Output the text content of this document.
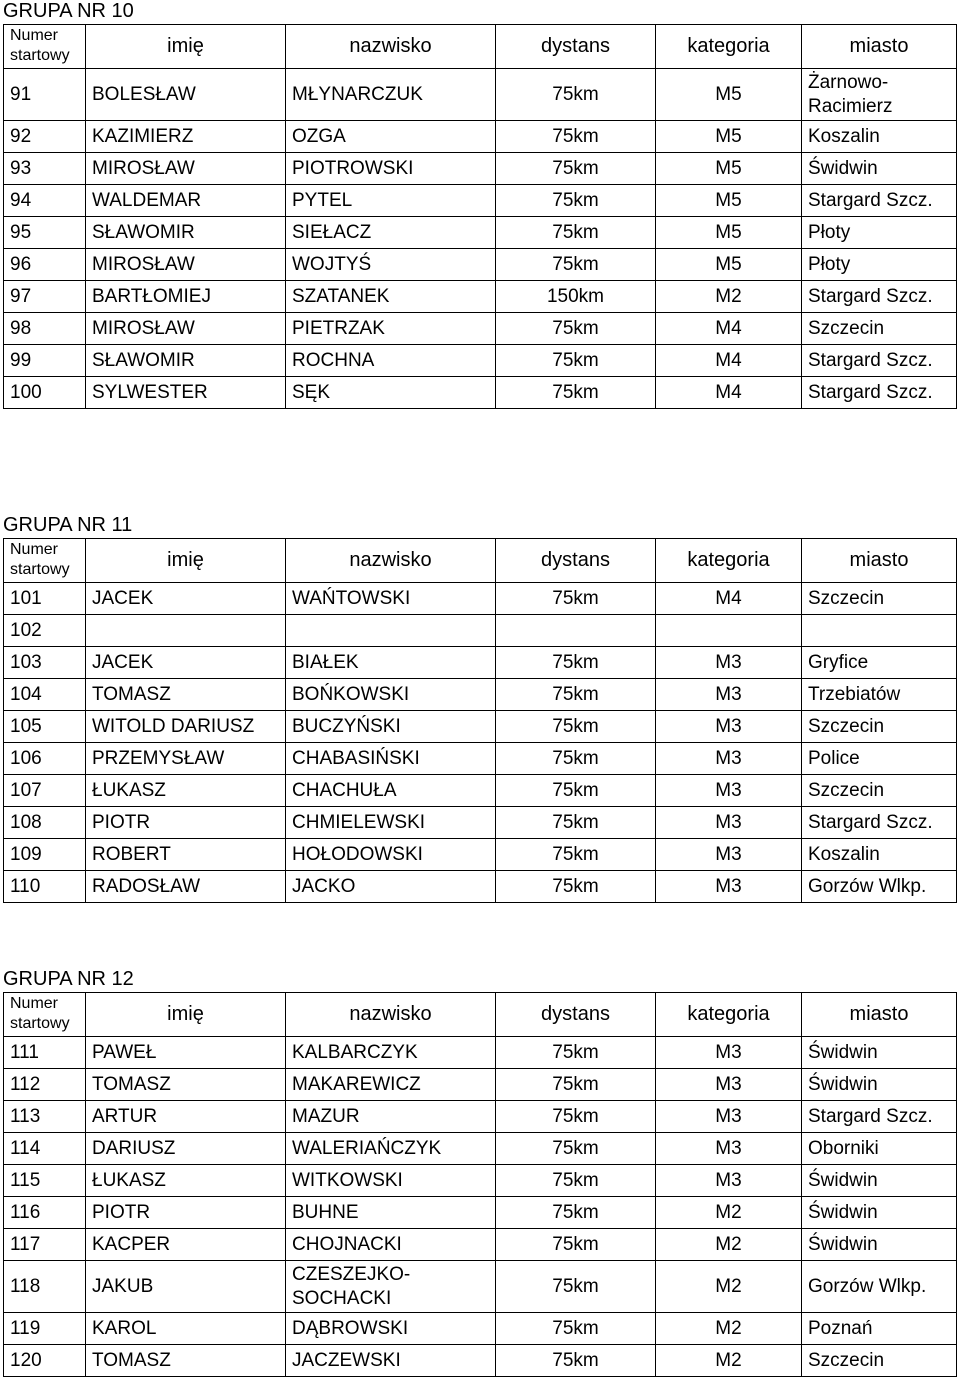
GRUPA NR 10
Numer startowy	imię	nazwisko	dystans	kategoria	miasto
91	BOLESŁAW	MŁYNARCZUK	75km	M5	Żarnowo-Racimierz
92	KAZIMIERZ	OZGA	75km	M5	Koszalin
93	MIROSŁAW	PIOTROWSKI	75km	M5	Świdwin
94	WALDEMAR	PYTEL	75km	M5	Stargard Szcz.
95	SŁAWOMIR	SIEŁACZ	75km	M5	Płoty
96	MIROSŁAW	WOJTYŚ	75km	M5	Płoty
97	BARTŁOMIEJ	SZATANEK	150km	M2	Stargard Szcz.
98	MIROSŁAW	PIETRZAK	75km	M4	Szczecin
99	SŁAWOMIR	ROCHNA	75km	M4	Stargard Szcz.
100	SYLWESTER	SĘK	75km	M4	Stargard Szcz.
GRUPA NR 11
Numer startowy	imię	nazwisko	dystans	kategoria	miasto
101	JACEK	WAŃTOWSKI	75km	M4	Szczecin
102					
103	JACEK	BIAŁEK	75km	M3	Gryfice
104	TOMASZ	BOŃKOWSKI	75km	M3	Trzebiatów
105	WITOLD DARIUSZ	BUCZYŃSKI	75km	M3	Szczecin
106	PRZEMYSŁAW	CHABASIŃSKI	75km	M3	Police
107	ŁUKASZ	CHACHUŁA	75km	M3	Szczecin
108	PIOTR	CHMIELEWSKI	75km	M3	Stargard Szcz.
109	ROBERT	HOŁODOWSKI	75km	M3	Koszalin
110	RADOSŁAW	JACKO	75km	M3	Gorzów Wlkp.
GRUPA NR 12
Numer startowy	imię	nazwisko	dystans	kategoria	miasto
111	PAWEŁ	KALBARCZYK	75km	M3	Świdwin
112	TOMASZ	MAKAREWICZ	75km	M3	Świdwin
113	ARTUR	MAZUR	75km	M3	Stargard Szcz.
114	DARIUSZ	WALERIAŃCZYK	75km	M3	Oborniki
115	ŁUKASZ	WITKOWSKI	75km	M3	Świdwin
116	PIOTR	BUHNE	75km	M2	Świdwin
117	KACPER	CHOJNACKI	75km	M2	Świdwin
118	JAKUB	CZESZEJKO-SOCHACKI	75km	M2	Gorzów Wlkp.
119	KAROL	DĄBROWSKI	75km	M2	Poznań
120	TOMASZ	JACZEWSKI	75km	M2	Szczecin
